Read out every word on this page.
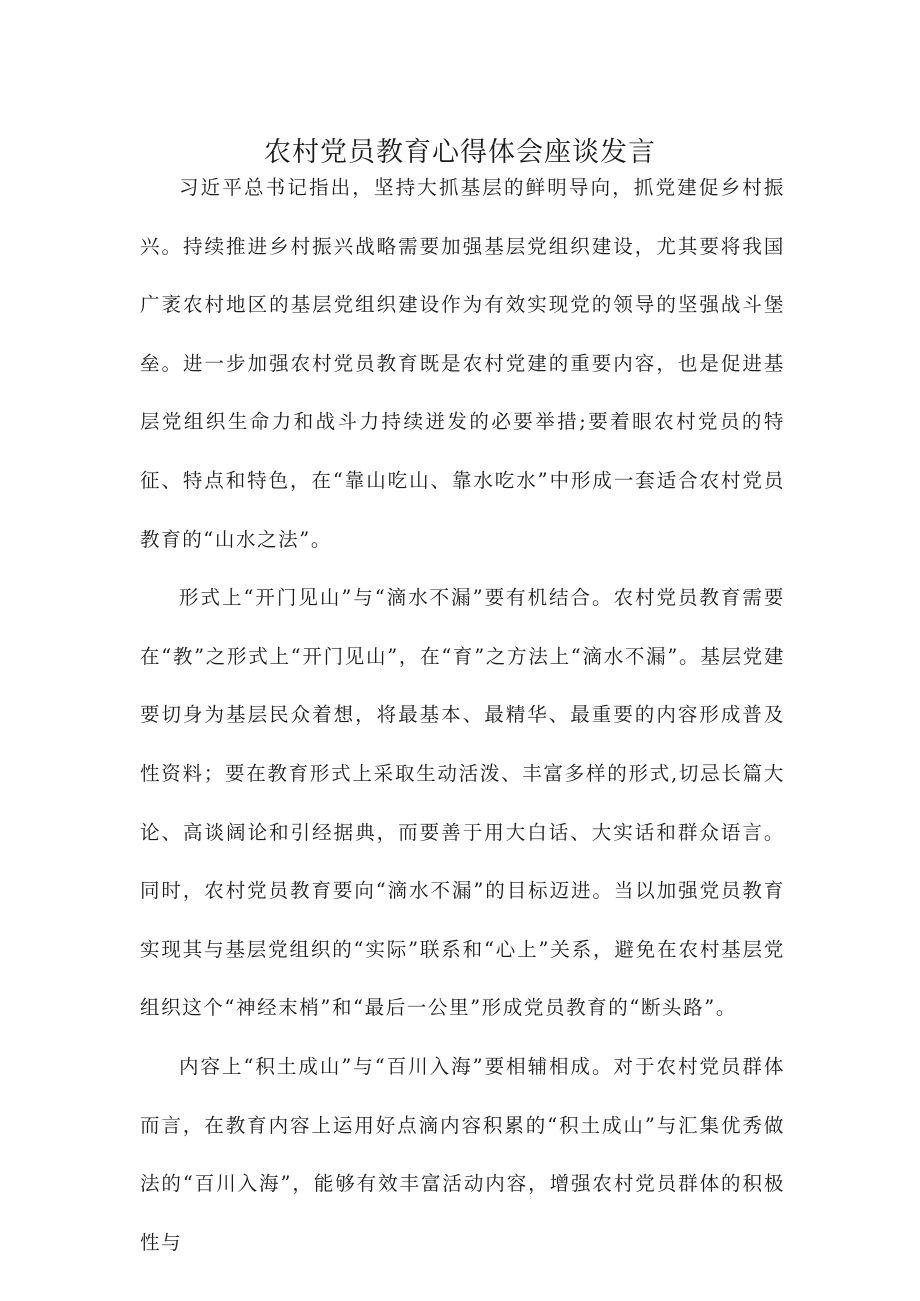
农村党员教育心得体会座谈发言

习近平总书记指出，坚持大抓基层的鲜明导向，抓党建促乡村振兴。持续推进乡村振兴战略需要加强基层党组织建设，尤其要将我国广袤农村地区的基层党组织建设作为有效实现党的领导的坚强战斗堡垒。进一步加强农村党员教育既是农村党建的重要内容，也是促进基层党组织生命力和战斗力持续迸发的必要举措;要着眼农村党员的特征、特点和特色，在“靠山吃山、靠水吃水”中形成一套适合农村党员教育的“山水之法”。

形式上“开门见山”与“滴水不漏”要有机结合。农村党员教育需要在“教”之形式上“开门见山”，在“育”之方法上“滴水不漏”。基层党建要切身为基层民众着想，将最基本、最精华、最重要的内容形成普及性资料；要在教育形式上采取生动活泼、丰富多样的形式,切忌长篇大论、高谈阔论和引经据典，而要善于用大白话、大实话和群众语言。同时，农村党员教育要向“滴水不漏”的目标迈进。当以加强党员教育实现其与基层党组织的“实际”联系和“心上”关系，避免在农村基层党组织这个“神经末梢”和“最后一公里”形成党员教育的“断头路”。

内容上“积土成山”与“百川入海”要相辅相成。对于农村党员群体而言，在教育内容上运用好点滴内容积累的“积土成山”与汇集优秀做法的“百川入海”，能够有效丰富活动内容，增强农村党员群体的积极性与
